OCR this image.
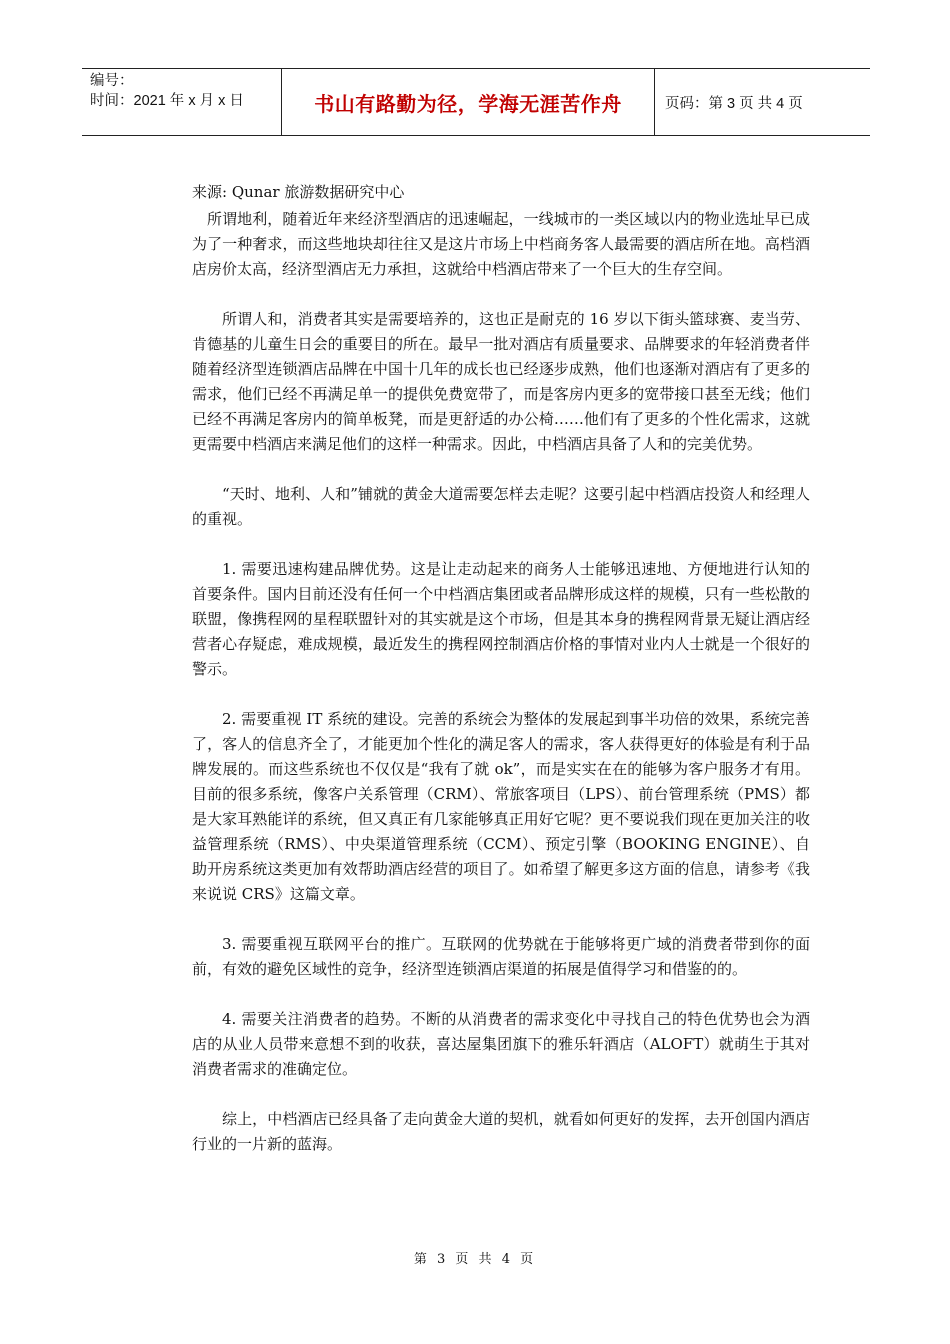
编号：
时间：2021 年 x 月 x 日	书山有路勤为径，学海无涯苦作舟	页码：第 3 页 共 4 页

来源: Qunar 旅游数据研究中心

所谓地利，随着近年来经济型酒店的迅速崛起，一线城市的一类区域以内的物业选址早已成为了一种奢求，而这些地块却往往又是这片市场上中档商务客人最需要的酒店所在地。高档酒店房价太高，经济型酒店无力承担，这就给中档酒店带来了一个巨大的生存空间。

所谓人和，消费者其实是需要培养的，这也正是耐克的 16 岁以下街头篮球赛、麦当劳、肯德基的儿童生日会的重要目的所在。最早一批对酒店有质量要求、品牌要求的年轻消费者伴随着经济型连锁酒店品牌在中国十几年的成长也已经逐步成熟，他们也逐渐对酒店有了更多的需求，他们已经不再满足单一的提供免费宽带了，而是客房内更多的宽带接口甚至无线；他们已经不再满足客房内的简单板凳，而是更舒适的办公椅……他们有了更多的个性化需求，这就更需要中档酒店来满足他们的这样一种需求。因此，中档酒店具备了人和的完美优势。

“天时、地利、人和”铺就的黄金大道需要怎样去走呢？这要引起中档酒店投资人和经理人的重视。

1. 需要迅速构建品牌优势。这是让走动起来的商务人士能够迅速地、方便地进行认知的首要条件。国内目前还没有任何一个中档酒店集团或者品牌形成这样的规模，只有一些松散的联盟，像携程网的星程联盟针对的其实就是这个市场，但是其本身的携程网背景无疑让酒店经营者心存疑虑，难成规模，最近发生的携程网控制酒店价格的事情对业内人士就是一个很好的警示。

2. 需要重视 IT 系统的建设。完善的系统会为整体的发展起到事半功倍的效果，系统完善了，客人的信息齐全了，才能更加个性化的满足客人的需求，客人获得更好的体验是有利于品牌发展的。而这些系统也不仅仅是“我有了就 ok”，而是实实在在的能够为客户服务才有用。目前的很多系统，像客户关系管理（CRM）、常旅客项目（LPS）、前台管理系统（PMS）都是大家耳熟能详的系统，但又真正有几家能够真正用好它呢？更不要说我们现在更加关注的收益管理系统（RMS）、中央渠道管理系统（CCM）、预定引擎（BOOKING ENGINE）、自助开房系统这类更加有效帮助酒店经营的项目了。如希望了解更多这方面的信息，请参考《我来说说 CRS》这篇文章。

3. 需要重视互联网平台的推广。互联网的优势就在于能够将更广域的消费者带到你的面前，有效的避免区域性的竞争，经济型连锁酒店渠道的拓展是值得学习和借鉴的的。

4. 需要关注消费者的趋势。不断的从消费者的需求变化中寻找自己的特色优势也会为酒店的从业人员带来意想不到的收获，喜达屋集团旗下的雅乐轩酒店（ALOFT）就萌生于其对消费者需求的准确定位。

综上，中档酒店已经具备了走向黄金大道的契机，就看如何更好的发挥，去开创国内酒店行业的一片新的蓝海。

第 3 页 共 4 页
